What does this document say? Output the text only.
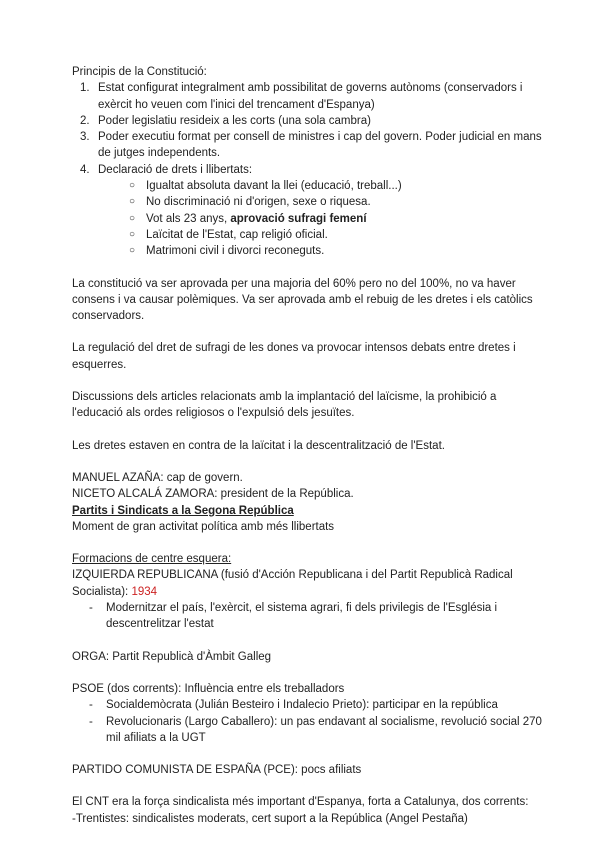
Principis de la Constitució:

1. Estat configurat integralment amb possibilitat de governs autònoms (conservadors i exèrcit ho veuen com l'inici del trencament d'Espanya)
2. Poder legislatiu resideix a les corts (una sola cambra)
3. Poder executiu format per consell de ministres i cap del govern. Poder judicial en mans de jutges independents.
4. Declaració de drets i llibertats:
○ Igualtat absoluta davant la llei (educació, treball...)
○ No discriminació ni d'origen, sexe o riquesa.
○ Vot als 23 anys, aprovació sufragi femení
○ Laïcitat de l'Estat, cap religió oficial.
○ Matrimoni civil i divorci reconeguts.

La constitució va ser aprovada per una majoria del 60% pero no del 100%, no va haver consens i va causar polèmiques. Va ser aprovada amb el rebuig de les dretes i els catòlics conservadors.

La regulació del dret de sufragi de les dones va provocar intensos debats entre dretes i esquerres.

Discussions dels articles relacionats amb la implantació del laïcisme, la prohibició a l'educació als ordes religiosos o l'expulsió dels jesuïtes.

Les dretes estaven en contra de la laïcitat i la descentralització de l'Estat.

MANUEL AZAÑA: cap de govern.

NICETO ALCALÁ ZAMORA: president de la República.

Partits i Sindicats a la Segona República

Moment de gran activitat política amb més llibertats

Formacions de centre esquera:

IZQUIERDA REPUBLICANA (fusió d'Acción Republicana i del Partit Republicà Radical Socialista): 1934

- Modernitzar el país, l'exèrcit, el sistema agrari, fi dels privilegis de l'Església i descentrelitzar l'estat

ORGA: Partit Republicà d'Àmbit Galleg

PSOE (dos corrents): Influència entre els treballadors

- Socialdemòcrata (Julián Besteiro i Indalecio Prieto): participar en la república
- Revolucionaris (Largo Caballero): un pas endavant al socialisme, revolució social 270 mil afiliats a la UGT

PARTIDO COMUNISTA DE ESPAÑA (PCE): pocs afiliats

El CNT era la força sindicalista més important d'Espanya, forta a Catalunya, dos corrents:

-Trentistes: sindicalistes moderats, cert suport a la República (Angel Pestaña)
